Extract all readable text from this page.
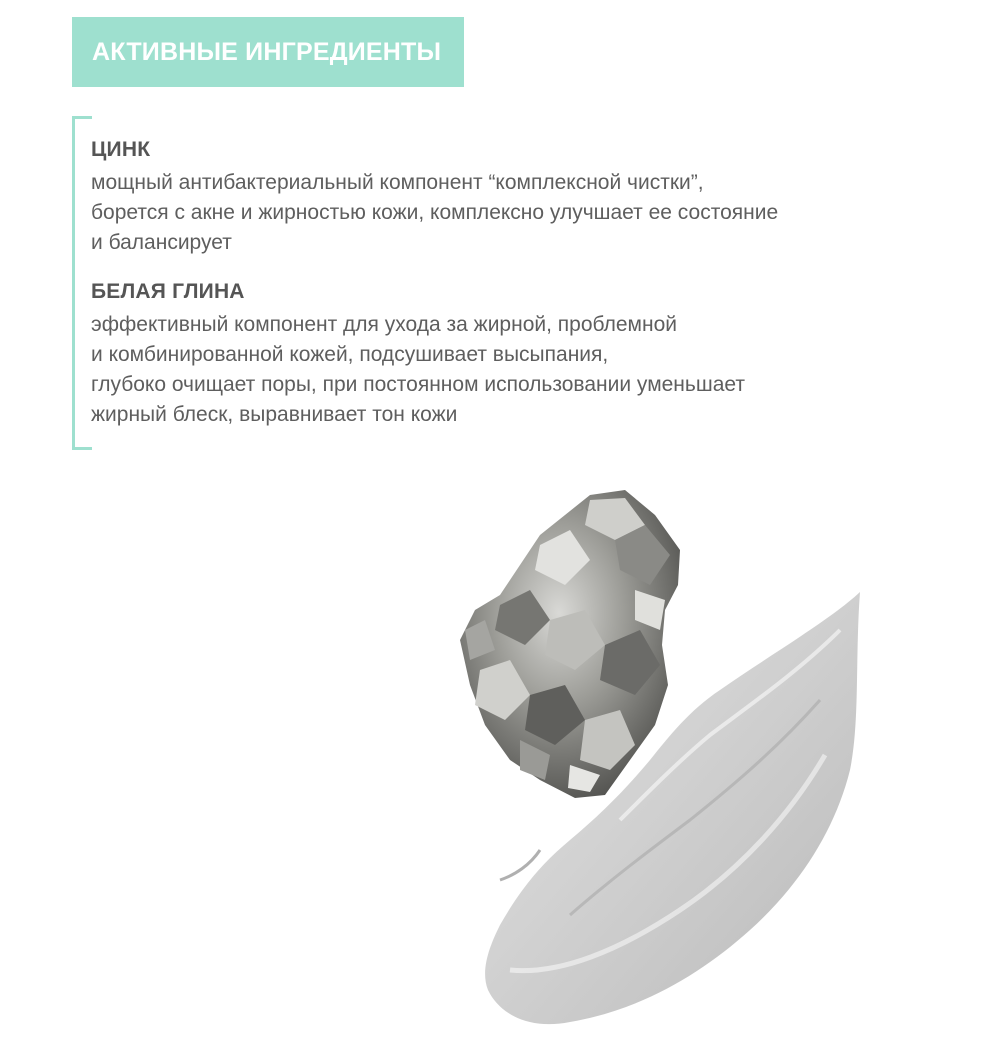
АКТИВНЫЕ ИНГРЕДИЕНТЫ

ЦИНК

мощный антибактериальный компонент “комплексной чистки”,
борется с акне и жирностью кожи, комплексно улучшает ее состояние
и балансирует

БЕЛАЯ ГЛИНА

эффективный компонент для ухода за жирной, проблемной
и комбинированной кожей, подсушивает высыпания,
глубоко очищает поры, при постоянном использовании уменьшает
жирный блеск, выравнивает тон кожи
